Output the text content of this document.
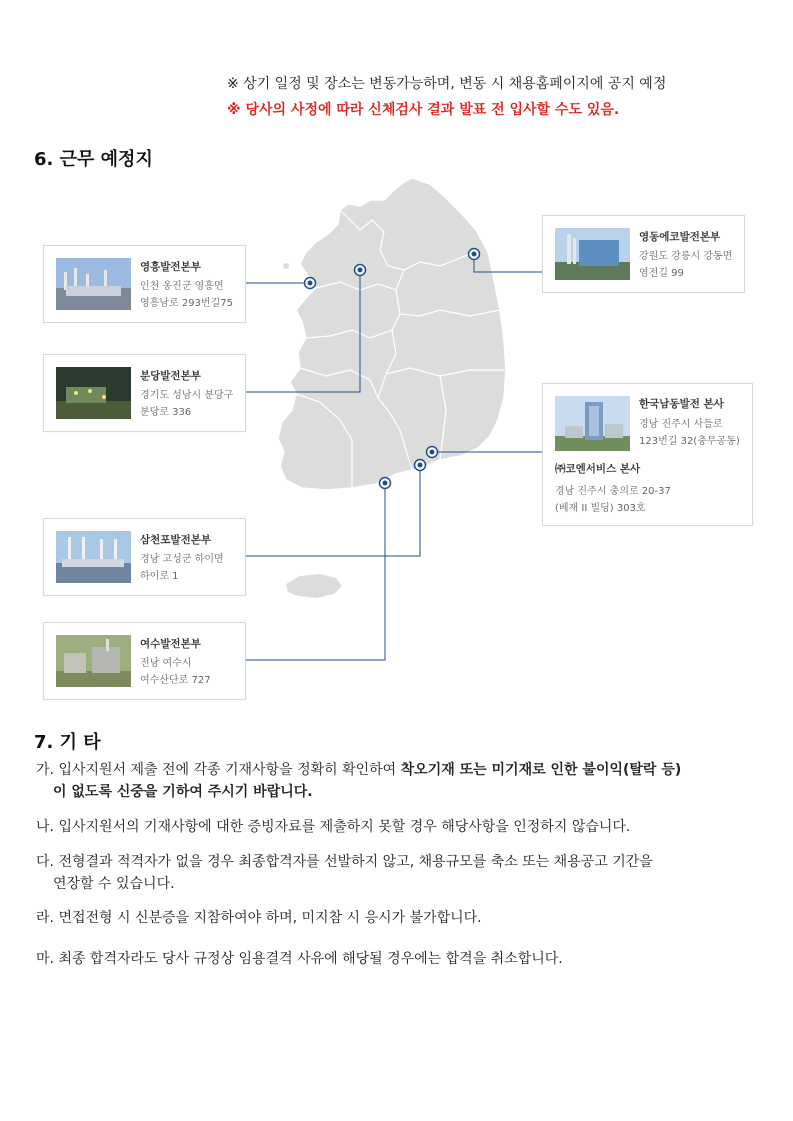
※ 상기 일정 및 장소는 변동가능하며, 변동 시 채용홈페이지에 공지 예정
※ 당사의 사정에 따라 신체검사 결과 발표 전 입사할 수도 있음.
6. 근무 예정지
영흥발전본부
인천 옹진군 영흥면
영흥남로 293번길75
분당발전본부
경기도 성남시 분당구
분당로 336
삼천포발전본부
경남 고성군 하이면
하이로 1
여수발전본부
전남 여수시
여수산단로 727
영동에코발전본부
강원도 강릉시 강동면
염전길 99
한국남동발전 본사
경남 진주시 사들로
123번길 32(충무공동)
㈜코엔서비스 본사
경남 진주시 충의로 20-37
(베재 II 빌딩) 303호
7. 기 타
가. 입사지원서 제출 전에 각종 기재사항을 정확히 확인하여 착오기재 또는 미기재로 인한 불이익(탈락 등)
이 없도록 신중을 기하여 주시기 바랍니다.
나. 입사지원서의 기재사항에 대한 증빙자료를 제출하지 못할 경우 해당사항을 인정하지 않습니다.
다. 전형결과 적격자가 없을 경우 최종합격자를 선발하지 않고, 채용규모를 축소 또는 채용공고 기간을
연장할 수 있습니다.
라. 면접전형 시 신분증을 지참하여야 하며, 미지참 시 응시가 불가합니다.
마. 최종 합격자라도 당사 규정상 임용결격 사유에 해당될 경우에는 합격을 취소합니다.
